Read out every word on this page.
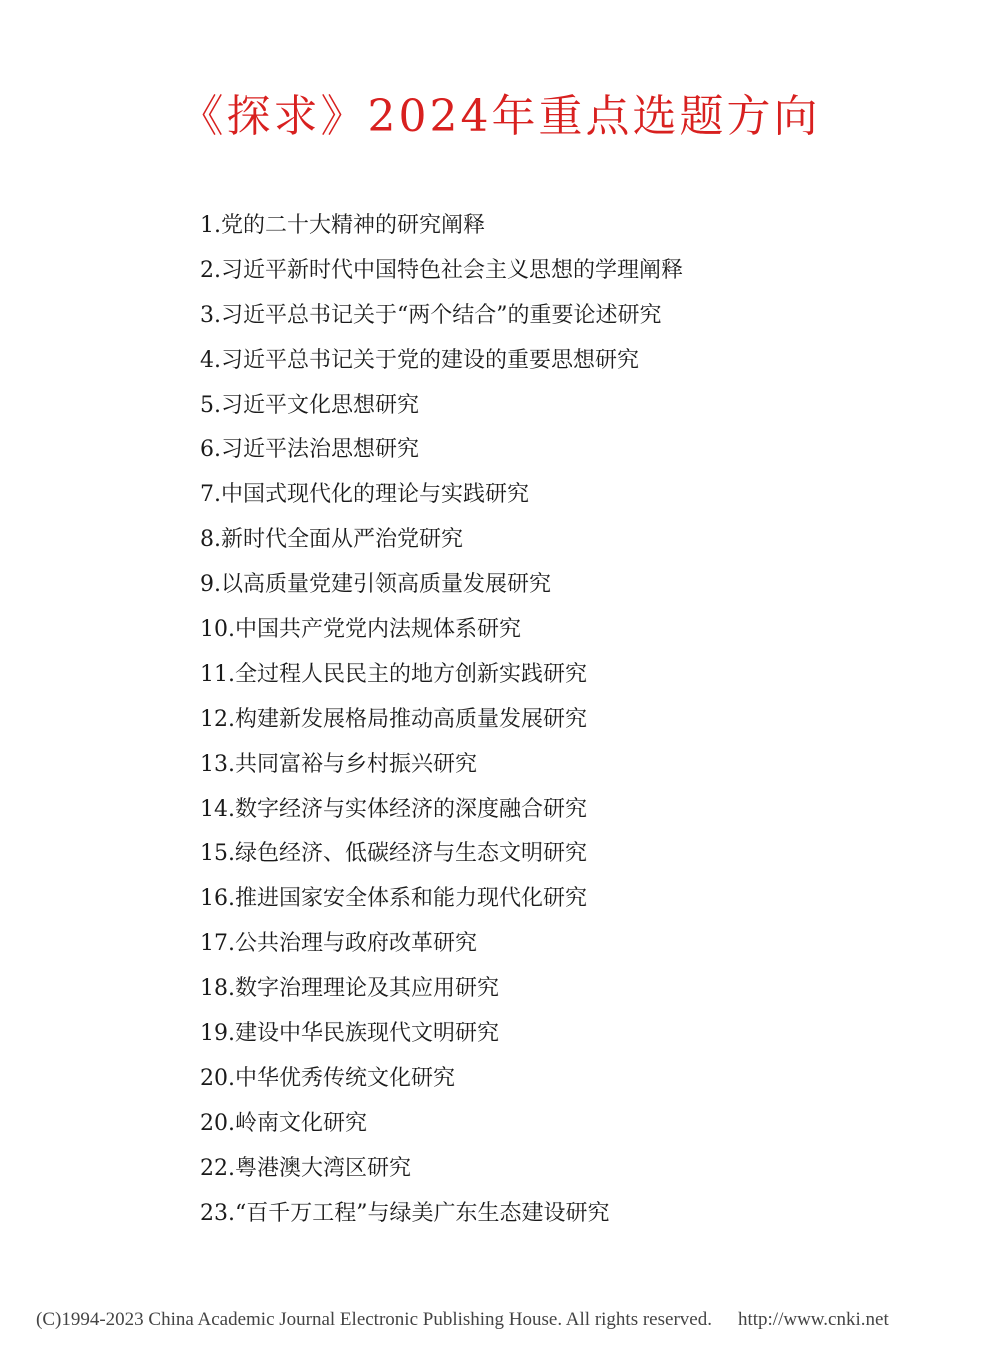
《探求》2024年重点选题方向
1.党的二十大精神的研究阐释
2.习近平新时代中国特色社会主义思想的学理阐释
3.习近平总书记关于“两个结合”的重要论述研究
4.习近平总书记关于党的建设的重要思想研究
5.习近平文化思想研究
6.习近平法治思想研究
7.中国式现代化的理论与实践研究
8.新时代全面从严治党研究
9.以高质量党建引领高质量发展研究
10.中国共产党党内法规体系研究
11.全过程人民民主的地方创新实践研究
12.构建新发展格局推动高质量发展研究
13.共同富裕与乡村振兴研究
14.数字经济与实体经济的深度融合研究
15.绿色经济、低碳经济与生态文明研究
16.推进国家安全体系和能力现代化研究
17.公共治理与政府改革研究
18.数字治理理论及其应用研究
19.建设中华民族现代文明研究
20.中华优秀传统文化研究
20.岭南文化研究
22.粤港澳大湾区研究
23.“百千万工程”与绿美广东生态建设研究
(C)1994-2023 China Academic Journal Electronic Publishing House. All rights reserved. http://www.cnki.net
